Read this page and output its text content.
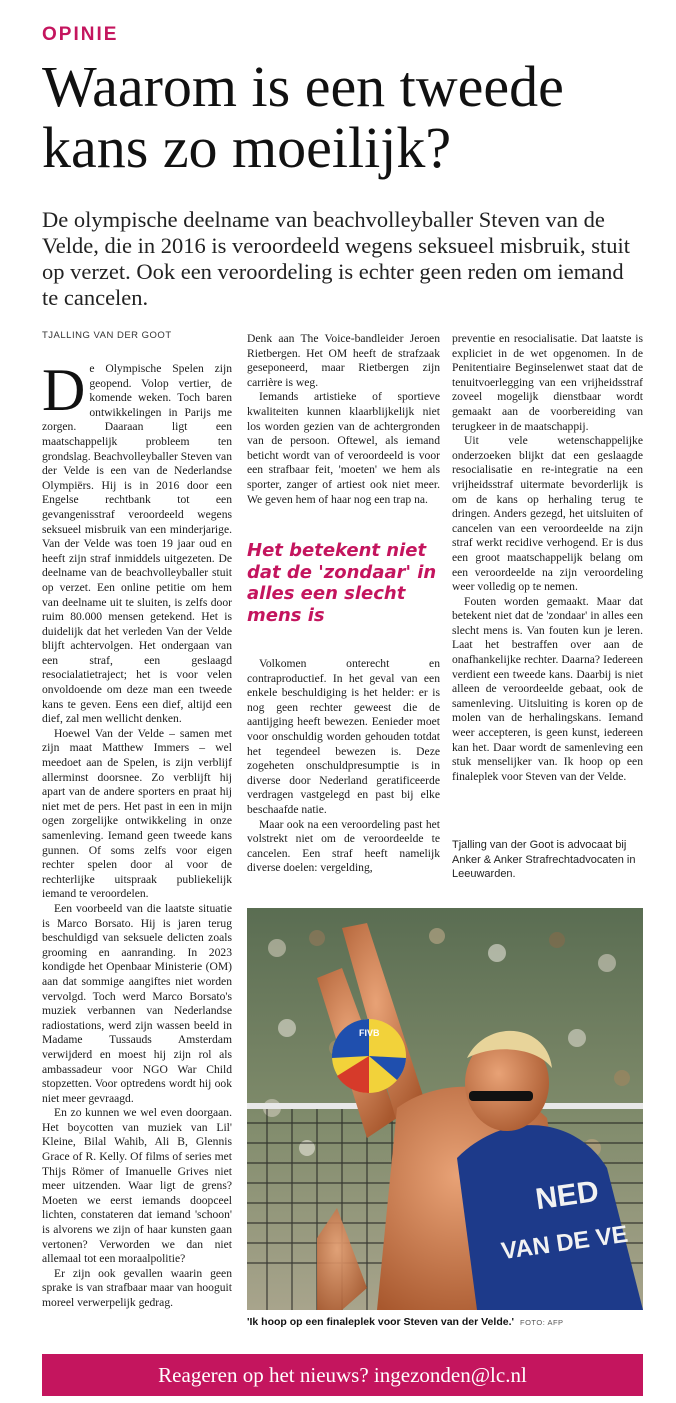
OPINIE
Waarom is een tweede kans zo moeilijk?

De olympische deelname van beachvolleyballer Steven van de Velde, die in 2016 is veroordeeld wegens seksueel misbruik, stuit op verzet. Ook een veroordeling is echter geen reden om iemand te cancelen.

TJALLING VAN DER GOOT

De Olympische Spelen zijn geopend. Volop vertier, de komende weken. Toch baren ontwikkelingen in Parijs me zorgen. Daaraan ligt een maatschappelijk probleem ten grondslag. Beachvolleyballer Steven van der Velde is een van de Nederlandse Olympiërs. Hij is in 2016 door een Engelse rechtbank tot een gevangenisstraf veroordeeld wegens seksueel misbruik van een minderjarige. Van der Velde was toen 19 jaar oud en heeft zijn straf inmiddels uitgezeten. De deelname van de beachvolleyballer stuit op verzet. Een online petitie om hem van deelname uit te sluiten, is zelfs door ruim 80.000 mensen getekend. Het is duidelijk dat het verleden Van der Velde blijft achtervolgen. Het ondergaan van een straf, een geslaagd resocialatietraject; het is voor velen onvoldoende om deze man een tweede kans te geven. Eens een dief, altijd een dief, zal men wellicht denken.

Hoewel Van der Velde – samen met zijn maat Matthew Immers – wel meedoet aan de Spelen, is zijn verblijf allerminst doorsnee. Zo verblijft hij apart van de andere sporters en praat hij niet met de pers. Het past in een in mijn ogen zorgelijke ontwikkeling in onze samenleving. Iemand geen tweede kans gunnen. Of soms zelfs voor eigen rechter spelen door al voor de rechterlijke uitspraak publiekelijk iemand te veroordelen.

Een voorbeeld van die laatste situatie is Marco Borsato. Hij is jaren terug beschuldigd van seksuele delicten zoals grooming en aanranding. In 2023 kondigde het Openbaar Ministerie (OM) aan dat sommige aangiftes niet worden vervolgd. Toch werd Marco Borsato's muziek verbannen van Nederlandse radiostations, werd zijn wassen beeld in Madame Tussauds Amsterdam verwijderd en moest hij zijn rol als ambassadeur voor NGO War Child stopzetten. Voor optredens wordt hij ook niet meer gevraagd.

En zo kunnen we wel even doorgaan. Het boycotten van muziek van Lil' Kleine, Bilal Wahib, Ali B, Glennis Grace of R. Kelly. Of films of series met Thijs Römer of Imanuelle Grives niet meer uitzenden. Waar ligt de grens? Moeten we eerst iemands doopceel lichten, constateren dat iemand 'schoon' is alvorens we zijn of haar kunsten gaan vertonen? Verworden we dan niet allemaal tot een moraalpolitie?

Er zijn ook gevallen waarin geen sprake is van strafbaar maar van hooguit moreel verwerpelijk gedrag.

Denk aan The Voice-bandleider Jeroen Rietbergen. Het OM heeft de strafzaak geseponeerd, maar Rietbergen zijn carrière is weg.

Iemands artistieke of sportieve kwaliteiten kunnen klaarblijkelijk niet los worden gezien van de achtergronden van de persoon. Oftewel, als iemand beticht wordt van of veroordeeld is voor een strafbaar feit, 'moeten' we hem als sporter, zanger of artiest ook niet meer. We geven hem of haar nog een trap na.

Het betekent niet dat de 'zondaar' in alles een slecht mens is

Volkomen onterecht en contraproductief. In het geval van een enkele beschuldiging is het helder: er is nog geen rechter geweest die de aantijging heeft bewezen. Eenieder moet voor onschuldig worden gehouden totdat het tegendeel bewezen is. Deze zogeheten onschuldpresumptie is in diverse door Nederland geratificeerde verdragen vastgelegd en past bij elke beschaafde natie.

Maar ook na een veroordeling past het volstrekt niet om de veroordeelde te cancelen. Een straf heeft namelijk diverse doelen: vergelding,

preventie en resocialisatie. Dat laatste is expliciet in de wet opgenomen. In de Penitentiaire Beginselenwet staat dat de tenuitvoerlegging van een vrijheidsstraf zoveel mogelijk dienstbaar wordt gemaakt aan de voorbereiding van terugkeer in de maatschappij.

Uit vele wetenschappelijke onderzoeken blijkt dat een geslaagde resocialisatie en re-integratie na een vrijheidsstraf uitermate bevorderlijk is om de kans op herhaling terug te dringen. Anders gezegd, het uitsluiten of cancelen van een veroordeelde na zijn straf werkt recidive verhogend. Er is dus een groot maatschappelijk belang om een veroordeelde na zijn veroordeling weer volledig op te nemen.

Fouten worden gemaakt. Maar dat betekent niet dat de 'zondaar' in alles een slecht mens is. Van fouten kun je leren. Laat het bestraffen over aan de onafhankelijke rechter. Daarna? Iedereen verdient een tweede kans. Daarbij is niet alleen de veroordeelde gebaat, ook de samenleving. Uitsluiting is koren op de molen van de herhalingskans. Iemand weer accepteren, is geen kunst, iedereen kan het. Daar wordt de samenleving een stuk menselijker van. Ik hoop op een finaleplek voor Steven van der Velde.

Tjalling van der Goot is advocaat bij Anker & Anker Strafrechtadvocaten in Leeuwarden.
NED
VAN DE VE
FIVB
'Ik hoop op een finaleplek voor Steven van der Velde.' FOTO: AFP
Reageren op het nieuws? ingezonden@lc.nl
